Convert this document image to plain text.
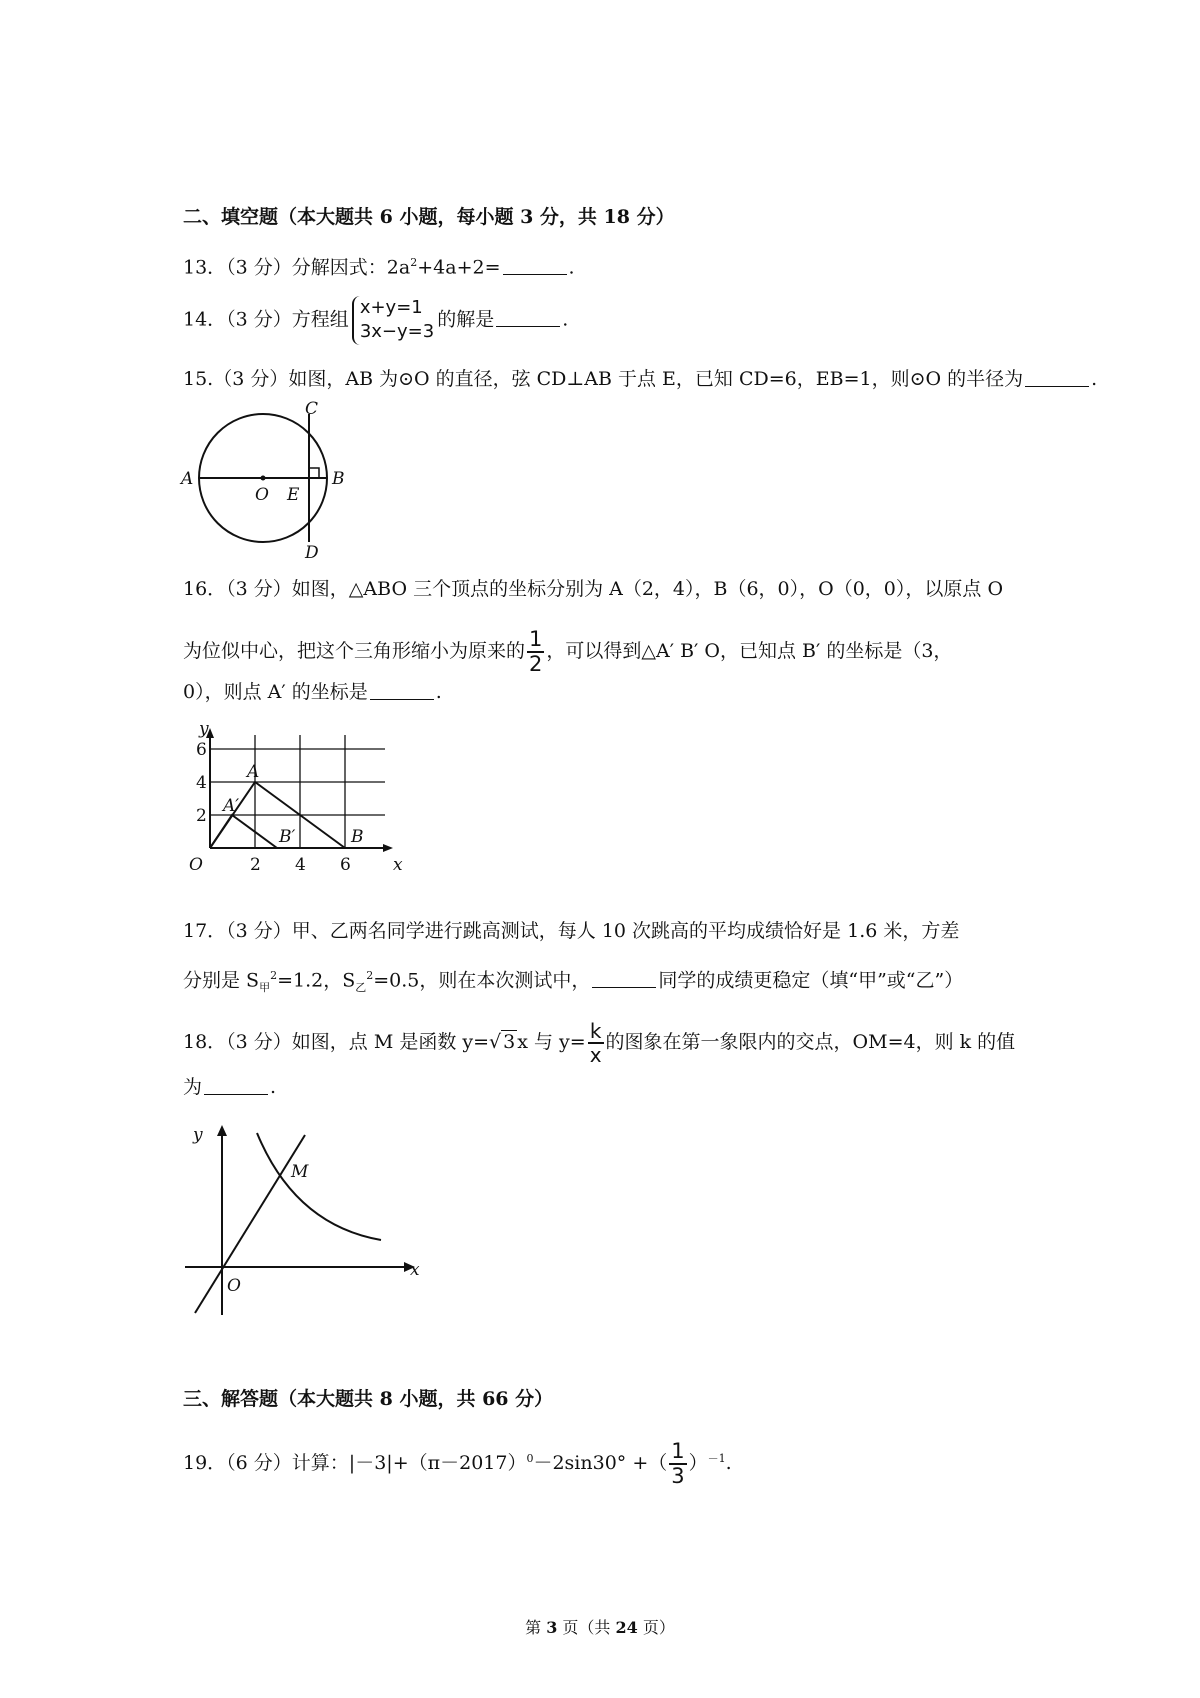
二、填空题（本大题共 6 小题，每小题 3 分，共 18 分）
13．（3 分）分解因式：$2a^2+4a+2=$	.
14．（3 分）方程组
x+y=1
3x−y=3
的解是	.
15.（3 分）如图，AB 为⊙O 的直径，弦 CD⊥AB 于点 E，已知 CD=6，EB=1，则⊙O 的半径为	.
A	B
C
D
O E
16．（3 分）如图，△ABO 三个顶点的坐标分别为 A（2，4），B（6，0），O（0，0），以原点 O
为位似中心，把这个三角形缩小为原来的 $\frac{1}{2}$ ，可以得到△A′ B′ O，已知点 B′ 的坐标是（3，
0），则点 A′ 的坐标是	.
y
x
O
6
4
2
2 4 6
A
A′
B′	B
17．（3 分）甲、乙两名同学进行跳高测试，每人 10 次跳高的平均成绩恰好是 1.6 米，方差
分别是 $S_甲^2=1.2$，$S_乙^2=0.5$，则在本次测试中，	同学的成绩更稳定（填“甲”或“乙”）
18．（3 分）如图，点 M 是函数 y=√ 3 x 与 $y= \frac{k}{x}$ 的图象在第一象限内的交点，OM=4，则 k 的值
为	.
y
x
O
M
三、解答题（本大题共 8 小题，共 66 分）
19．（6 分）计算：$|-3|+(\pi-2017)^0-2\sin 30^\circ$ +（ $\frac{1}{3} )^{-1}$.
第 3 页（共 24 页）
